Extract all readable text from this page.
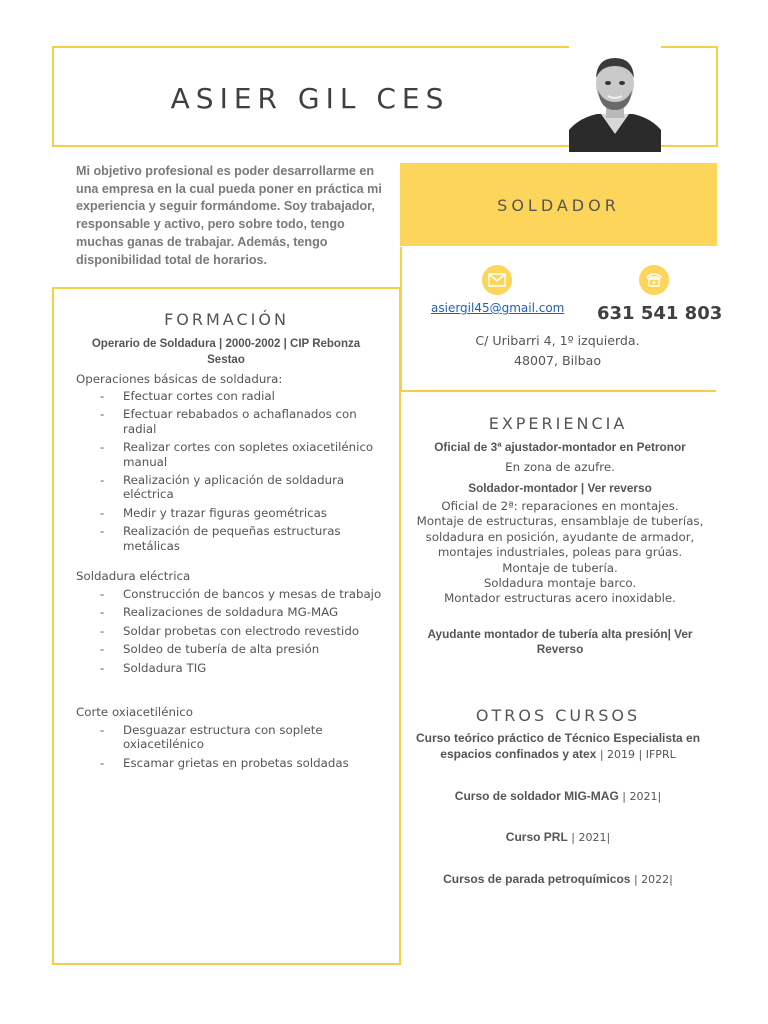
ASIER GIL CES
Mi objetivo profesional es poder desarrollarme en una empresa en la cual pueda poner en práctica mi experiencia y seguir formándome. Soy trabajador, responsable y activo, pero sobre todo, tengo muchas ganas de trabajar. Además, tengo disponibilidad total de horarios.
SOLDADOR
asiergil45@gmail.com 631 541 803
C/ Uribarri 4, 1º izquierda.
48007, Bilbao
FORMACIÓN
Operario de Soldadura | 2000-2002 | CIP Rebonza Sestao
Operaciones básicas de soldadura:
- Efectuar cortes con radial
- Efectuar rebabados o achaflanados con radial
- Realizar cortes con sopletes oxiacetilénico manual
- Realización y aplicación de soldadura eléctrica
- Medir y trazar figuras geométricas
- Realización de pequeñas estructuras metálicas
Soldadura eléctrica
- Construcción de bancos y mesas de trabajo
- Realizaciones de soldadura MG-MAG
- Soldar probetas con electrodo revestido
- Soldeo de tubería de alta presión
- Soldadura TIG
Corte oxiacetilénico
- Desguazar estructura con soplete oxiacetilénico
- Escamar grietas en probetas soldadas
EXPERIENCIA
Oficial de 3ª ajustador-montador en Petronor
En zona de azufre.
Soldador-montador | Ver reverso
Oficial de 2ª: reparaciones en montajes.
Montaje de estructuras, ensamblaje de tuberías,
soldadura en posición, ayudante de armador,
montajes industriales, poleas para grúas.
Montaje de tubería.
Soldadura montaje barco.
Montador estructuras acero inoxidable.
Ayudante montador de tubería alta presión| Ver Reverso
OTROS CURSOS
Curso teórico práctico de Técnico Especialista en espacios confinados y atex | 2019 | IFPRL
Curso de soldador MIG-MAG | 2021|
Curso PRL | 2021|
Cursos de parada petroquímicos | 2022|
